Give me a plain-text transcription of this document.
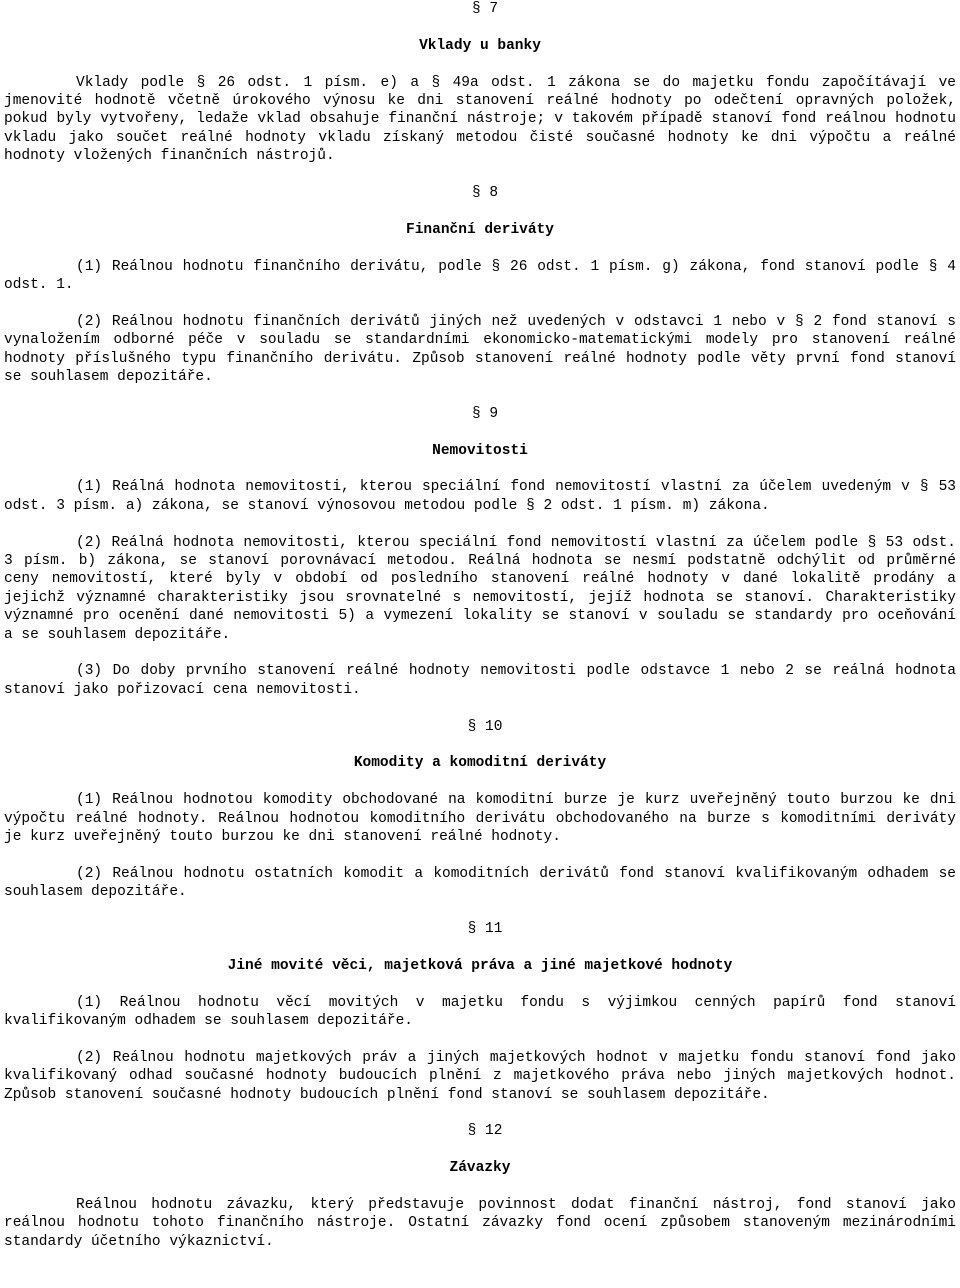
§ 7
Vklady u banky

Vklady podle § 26 odst. 1 písm. e) a § 49a odst. 1 zákona se do majetku fondu započítávají ve jmenovité hodnotě včetně úrokového výnosu ke dni stanovení reálné hodnoty po odečtení opravných položek, pokud byly vytvořeny, ledaže vklad obsahuje finanční nástroje; v takovém případě stanoví fond reálnou hodnotu vkladu jako součet reálné hodnoty vkladu získaný metodou čisté současné hodnoty ke dni výpočtu a reálné hodnoty vložených finančních nástrojů.

§ 8
Finanční deriváty

(1) Reálnou hodnotu finančního derivátu, podle § 26 odst. 1 písm. g) zákona, fond stanoví podle § 4 odst. 1.

(2) Reálnou hodnotu finančních derivátů jiných než uvedených v odstavci 1 nebo v § 2 fond stanoví s vynaložením odborné péče v souladu se standardními ekonomicko-matematickými modely pro stanovení reálné hodnoty příslušného typu finančního derivátu. Způsob stanovení reálné hodnoty podle věty první fond stanoví se souhlasem depozitáře.

§ 9
Nemovitosti

(1) Reálná hodnota nemovitosti, kterou speciální fond nemovitostí vlastní za účelem uvedeným v § 53 odst. 3 písm. a) zákona, se stanoví výnosovou metodou podle § 2 odst. 1 písm. m) zákona.

(2) Reálná hodnota nemovitosti, kterou speciální fond nemovitostí vlastní za účelem podle § 53 odst. 3 písm. b) zákona, se stanoví porovnávací metodou. Reálná hodnota se nesmí podstatně odchýlit od průměrné ceny nemovitostí, které byly v období od posledního stanovení reálné hodnoty v dané lokalitě prodány a jejichž významné charakteristiky jsou srovnatelné s nemovitostí, jejíž hodnota se stanoví. Charakteristiky významné pro ocenění dané nemovitosti 5) a vymezení lokality se stanoví v souladu se standardy pro oceňování a se souhlasem depozitáře.

(3) Do doby prvního stanovení reálné hodnoty nemovitosti podle odstavce 1 nebo 2 se reálná hodnota stanoví jako pořizovací cena nemovitosti.

§ 10
Komodity a komoditní deriváty

(1) Reálnou hodnotou komodity obchodované na komoditní burze je kurz uveřejněný touto burzou ke dni výpočtu reálné hodnoty. Reálnou hodnotou komoditního derivátu obchodovaného na burze s komoditními deriváty je kurz uveřejněný touto burzou ke dni stanovení reálné hodnoty.

(2) Reálnou hodnotu ostatních komodit a komoditních derivátů fond stanoví kvalifikovaným odhadem se souhlasem depozitáře.

§ 11
Jiné movité věci, majetková práva a jiné majetkové hodnoty

(1) Reálnou hodnotu věcí movitých v majetku fondu s výjimkou cenných papírů fond stanoví kvalifikovaným odhadem se souhlasem depozitáře.

(2) Reálnou hodnotu majetkových práv a jiných majetkových hodnot v majetku fondu stanoví fond jako kvalifikovaný odhad současné hodnoty budoucích plnění z majetkového práva nebo jiných majetkových hodnot. Způsob stanovení současné hodnoty budoucích plnění fond stanoví se souhlasem depozitáře.

§ 12
Závazky

Reálnou hodnotu závazku, který představuje povinnost dodat finanční nástroj, fond stanoví jako reálnou hodnotu tohoto finančního nástroje. Ostatní závazky fond ocení způsobem stanoveným mezinárodními standardy účetního výkaznictví.
